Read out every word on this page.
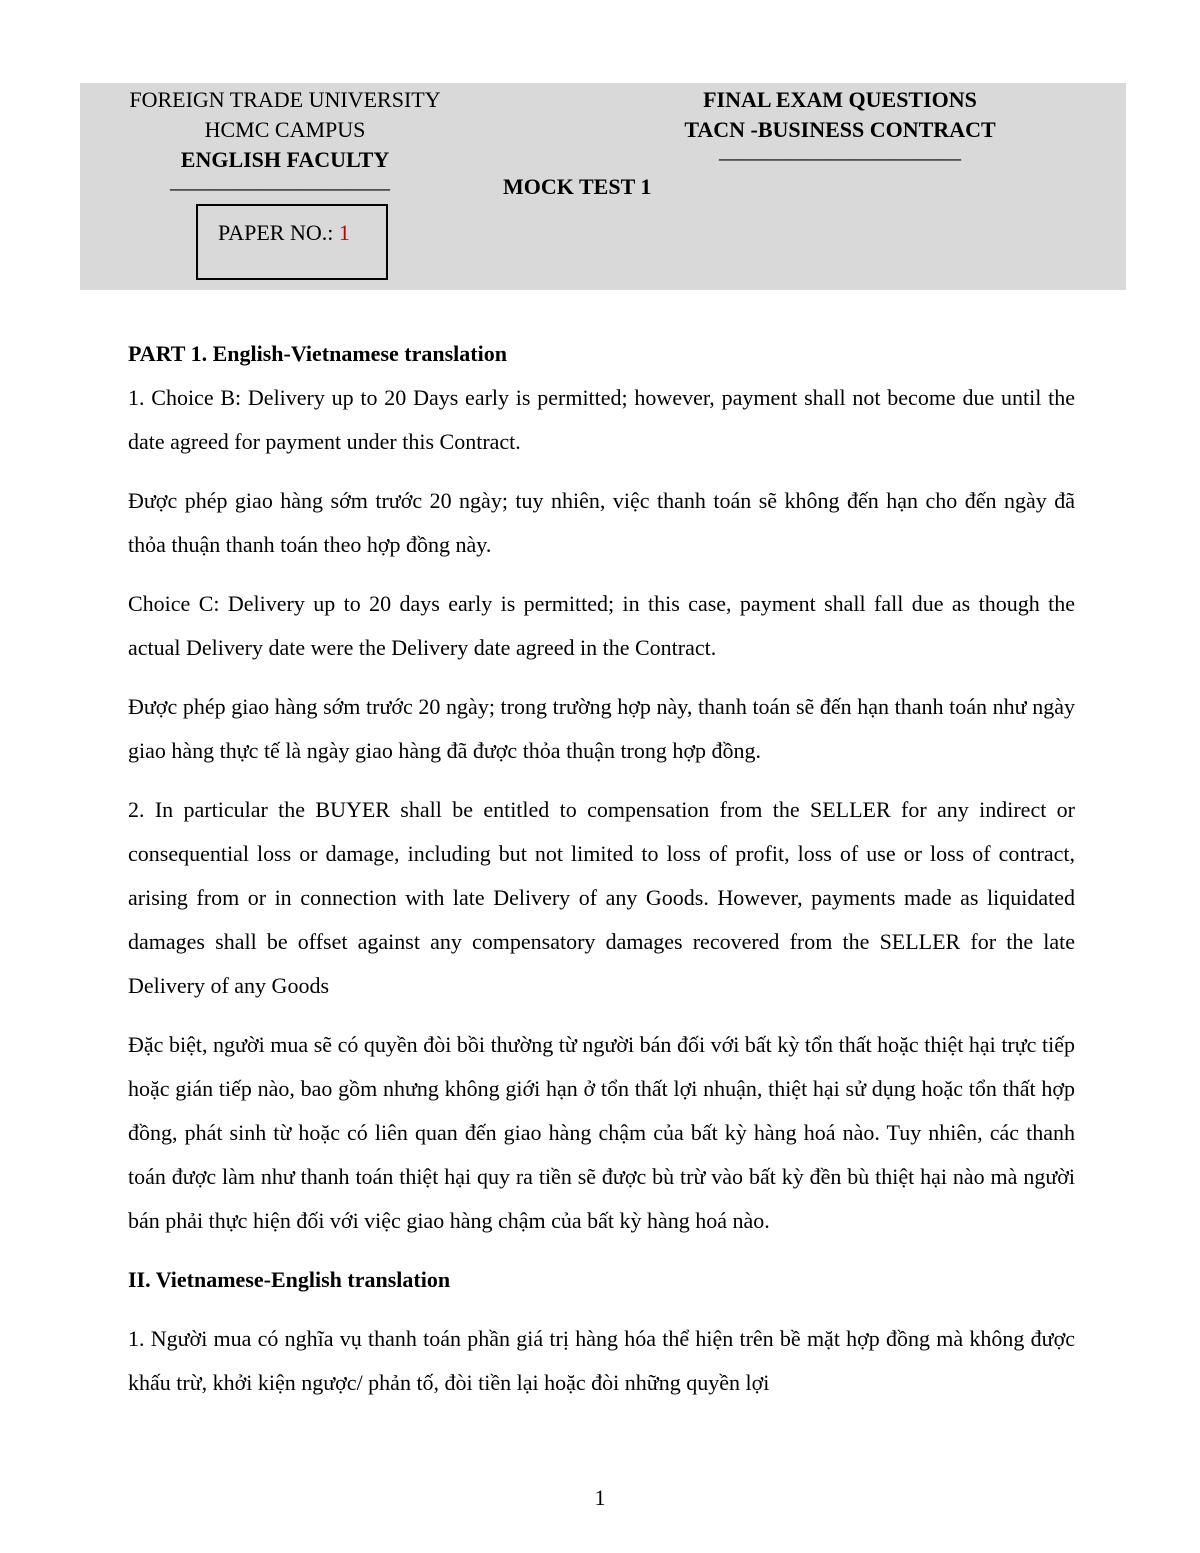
FOREIGN TRADE UNIVERSITY
HCMC CAMPUS
ENGLISH FACULTY
——————————
PAPER NO.: 1
FINAL EXAM QUESTIONS
TACN -BUSINESS CONTRACT
———————————
MOCK TEST 1

PART 1. English-Vietnamese translation

1. Choice B: Delivery up to 20 Days early is permitted; however, payment shall not become due until the date agreed for payment under this Contract.

Được phép giao hàng sớm trước 20 ngày; tuy nhiên, việc thanh toán sẽ không đến hạn cho đến ngày đã thỏa thuận thanh toán theo hợp đồng này.

Choice C: Delivery up to 20 days early is permitted; in this case, payment shall fall due as though the actual Delivery date were the Delivery date agreed in the Contract.

Được phép giao hàng sớm trước 20 ngày; trong trường hợp này, thanh toán sẽ đến hạn thanh toán như ngày giao hàng thực tế là ngày giao hàng đã được thỏa thuận trong hợp đồng.

2. In particular the BUYER shall be entitled to compensation from the SELLER for any indirect or consequential loss or damage, including but not limited to loss of profit, loss of use or loss of contract, arising from or in connection with late Delivery of any Goods. However, payments made as liquidated damages shall be offset against any compensatory damages recovered from the SELLER for the late Delivery of any Goods

Đặc biệt, người mua sẽ có quyền đòi bồi thường từ người bán đối với bất kỳ tổn thất hoặc thiệt hại trực tiếp hoặc gián tiếp nào, bao gồm nhưng không giới hạn ở tổn thất lợi nhuận, thiệt hại sử dụng hoặc tổn thất hợp đồng, phát sinh từ hoặc có liên quan đến giao hàng chậm của bất kỳ hàng hoá nào. Tuy nhiên, các thanh toán được làm như thanh toán thiệt hại quy ra tiền sẽ được bù trừ vào bất kỳ đền bù thiệt hại nào mà người bán phải thực hiện đối với việc giao hàng chậm của bất kỳ hàng hoá nào.

II. Vietnamese-English translation

1. Người mua có nghĩa vụ thanh toán phần giá trị hàng hóa thể hiện trên bề mặt hợp đồng mà không được khấu trừ, khởi kiện ngược/ phản tố, đòi tiền lại hoặc đòi những quyền lợi

1
